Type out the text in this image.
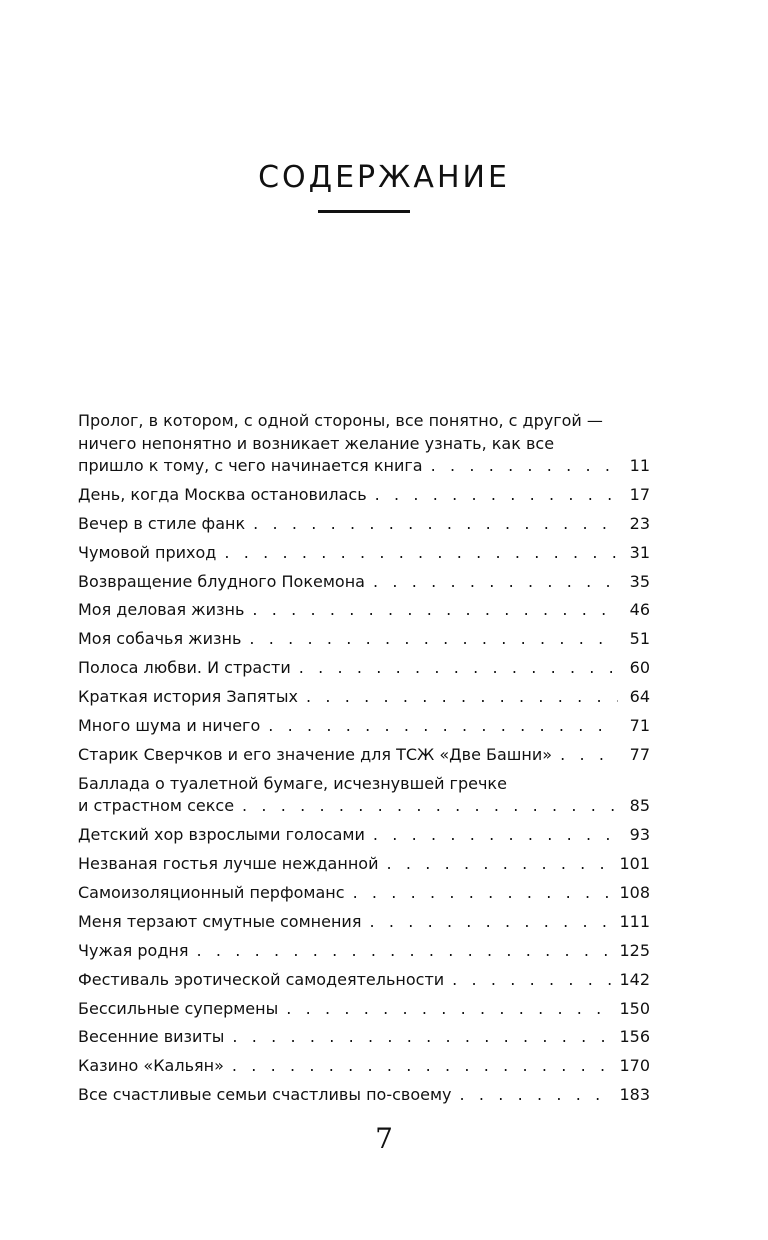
СОДЕРЖАНИЕ
Пролог, в котором, с одной стороны, все понятно, с другой —
ничего непонятно и возникает желание узнать, как все
пришло к тому, с чего начинается книга . . .	11
День, когда Москва остановилась . . .	17
Вечер в стиле фанк . . .	23
Чумовой приход . . .	31
Возвращение блудного Покемона . . .	35
Моя деловая жизнь . . .	46
Моя собачья жизнь . . .	51
Полоса любви. И страсти . . .	60
Краткая история Запятых . . .	64
Много шума и ничего . . .	71
Старик Сверчков и его значение для ТСЖ «Две Башни» . . .	77
Баллада о туалетной бумаге, исчезнувшей гречке
и страстном сексе . . .	85
Детский хор взрослыми голосами . . .	93
Незваная гостья лучше нежданной . . .	101
Самоизоляционный перфоманс . . .	108
Меня терзают смутные сомнения . . .	111
Чужая родня . . .	125
Фестиваль эротической самодеятельности . . .	142
Бессильные супермены . . .	150
Весенние визиты . . .	156
Казино «Кальян» . . .	170
Все счастливые семьи счастливы по-своему . . .	183
7
